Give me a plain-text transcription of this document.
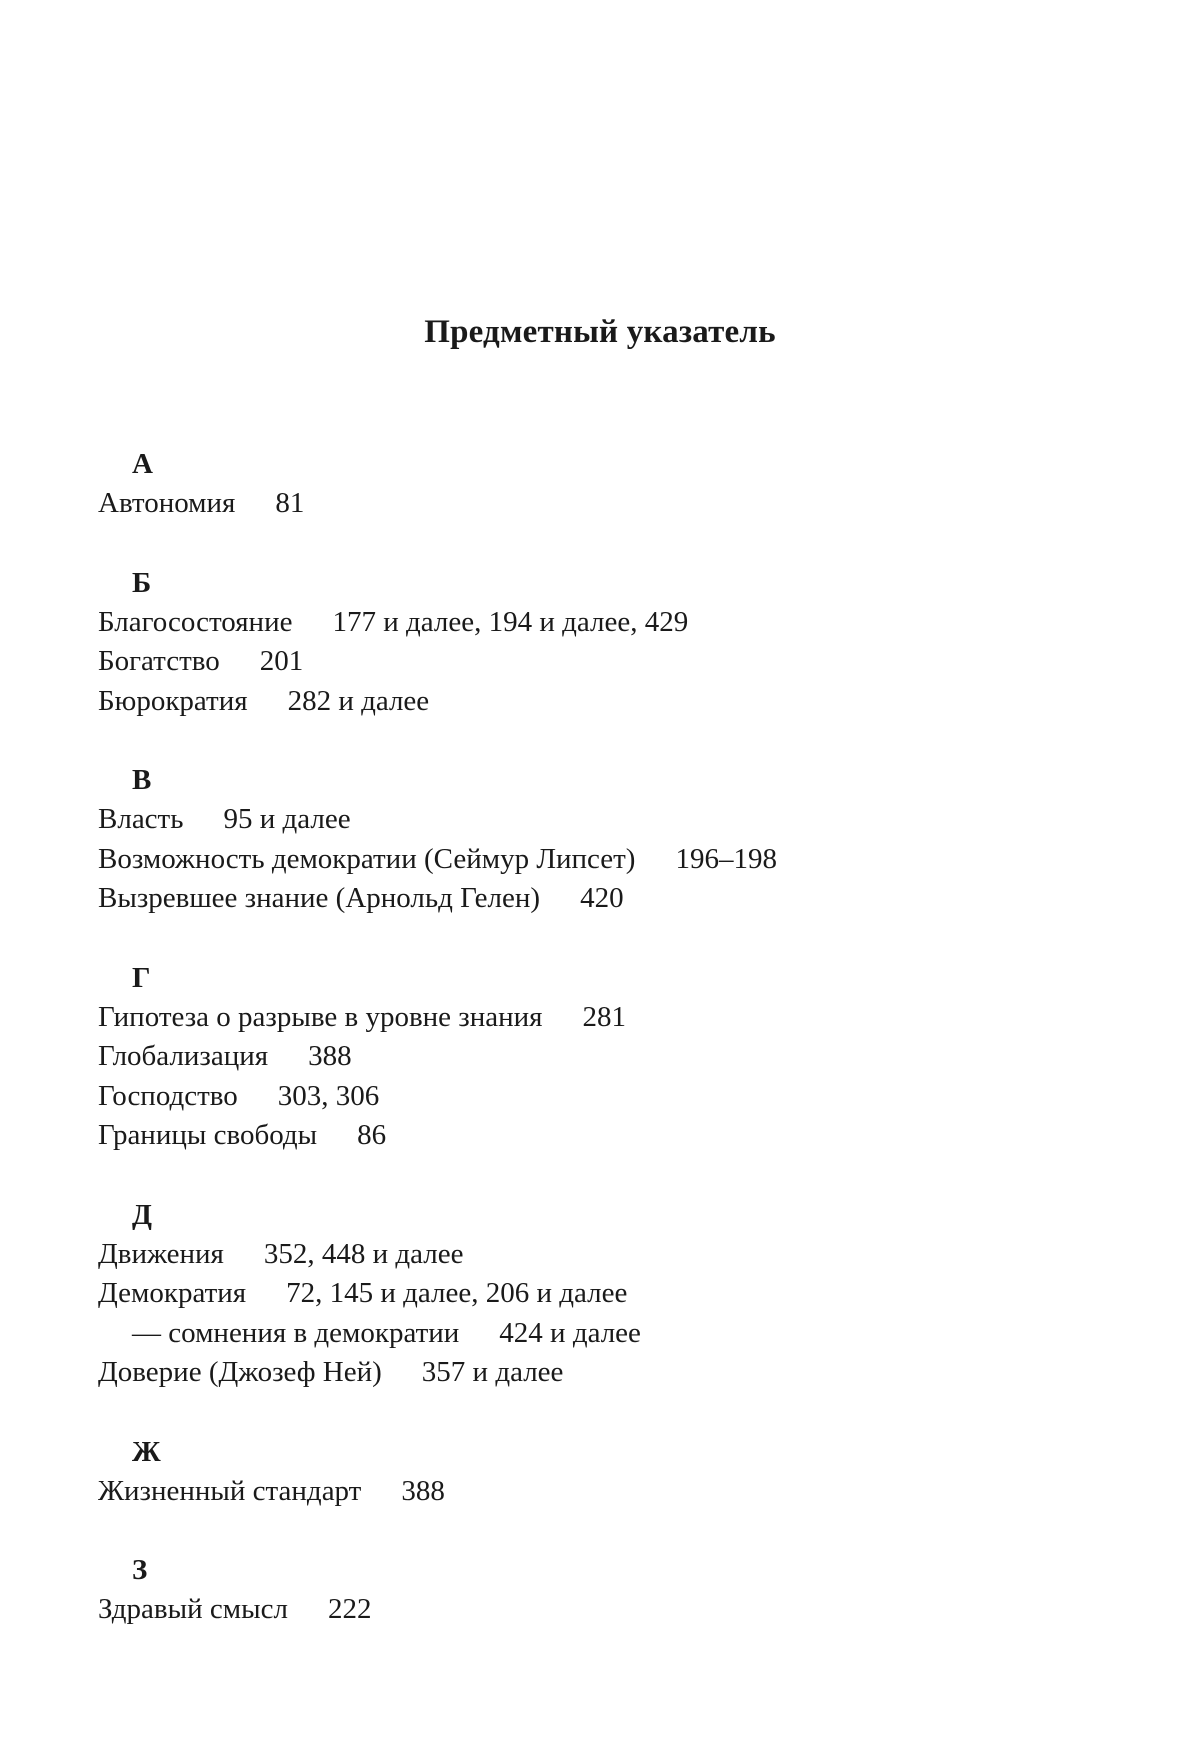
Предметный указатель
А
Автономия 81
Б
Благосостояние 177 и далее, 194 и далее, 429
Богатство 201
Бюрократия 282 и далее
В
Власть 95 и далее
Возможность демократии (Сеймур Липсет) 196–198
Вызревшее знание (Арнольд Гелен) 420
Г
Гипотеза о разрыве в уровне знания 281
Глобализация 388
Господство 303, 306
Границы свободы 86
Д
Движения 352, 448 и далее
Демократия 72, 145 и далее, 206 и далее
— сомнения в демократии 424 и далее
Доверие (Джозеф Ней) 357 и далее
Ж
Жизненный стандарт 388
З
Здравый смысл 222
